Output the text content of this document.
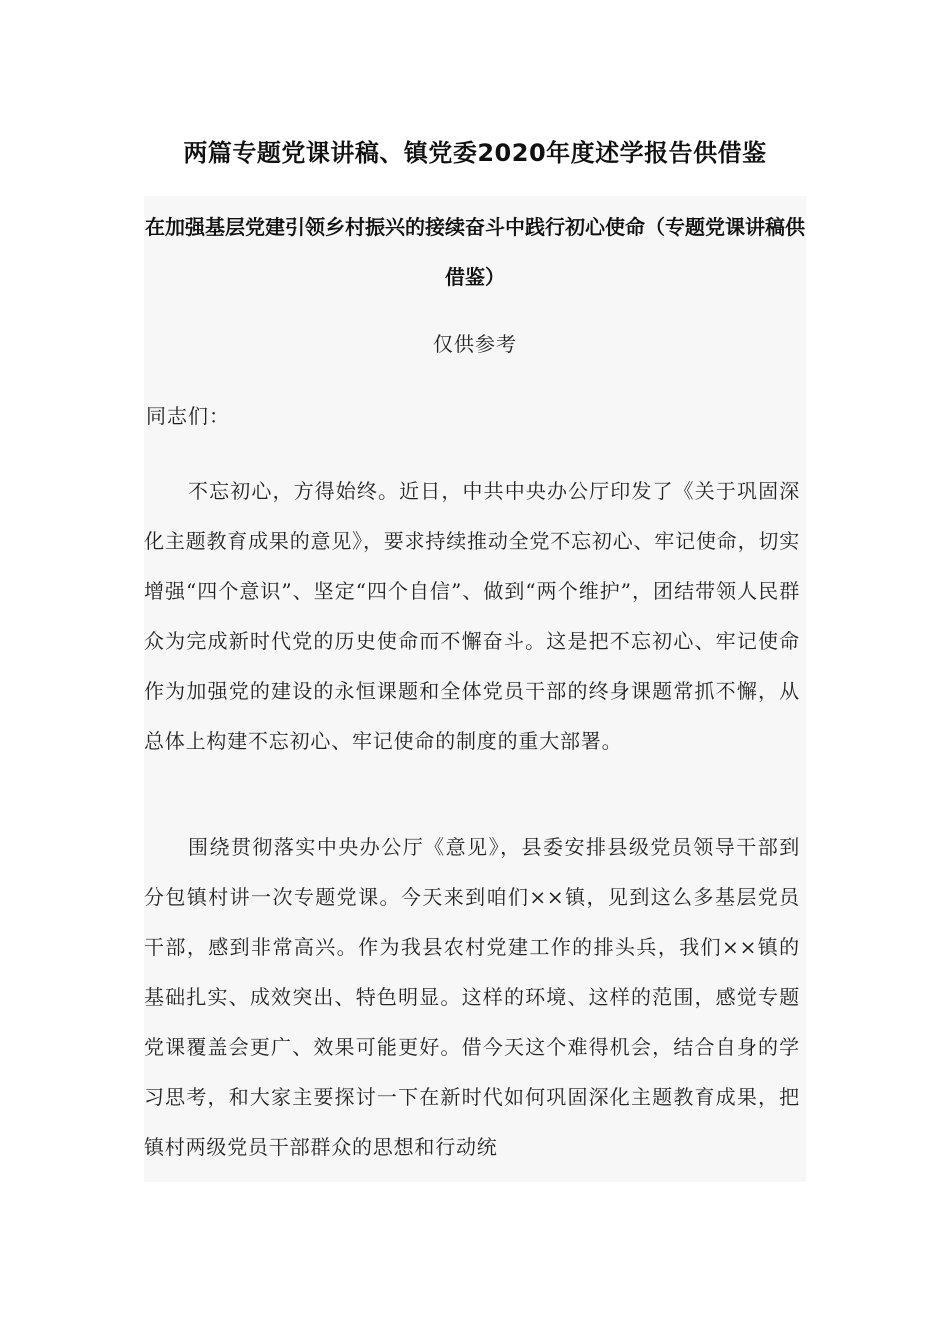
两篇专题党课讲稿、镇党委2020年度述学报告供借鉴
在加强基层党建引领乡村振兴的接续奋斗中践行初心使命（专题党课讲稿供借鉴）

仅供参考

同志们：

不忘初心，方得始终。近日，中共中央办公厅印发了《关于巩固深化主题教育成果的意见》，要求持续推动全党不忘初心、牢记使命，切实增强“四个意识”、坚定“四个自信”、做到“两个维护”，团结带领人民群众为完成新时代党的历史使命而不懈奋斗。这是把不忘初心、牢记使命作为加强党的建设的永恒课题和全体党员干部的终身课题常抓不懈，从总体上构建不忘初心、牢记使命的制度的重大部署。

围绕贯彻落实中央办公厅《意见》，县委安排县级党员领导干部到分包镇村讲一次专题党课。今天来到咱们××镇，见到这么多基层党员干部，感到非常高兴。作为我县农村党建工作的排头兵，我们××镇的基础扎实、成效突出、特色明显。这样的环境、这样的范围，感觉专题党课覆盖会更广、效果可能更好。借今天这个难得机会，结合自身的学习思考，和大家主要探讨一下在新时代如何巩固深化主题教育成果，把镇村两级党员干部群众的思想和行动统
